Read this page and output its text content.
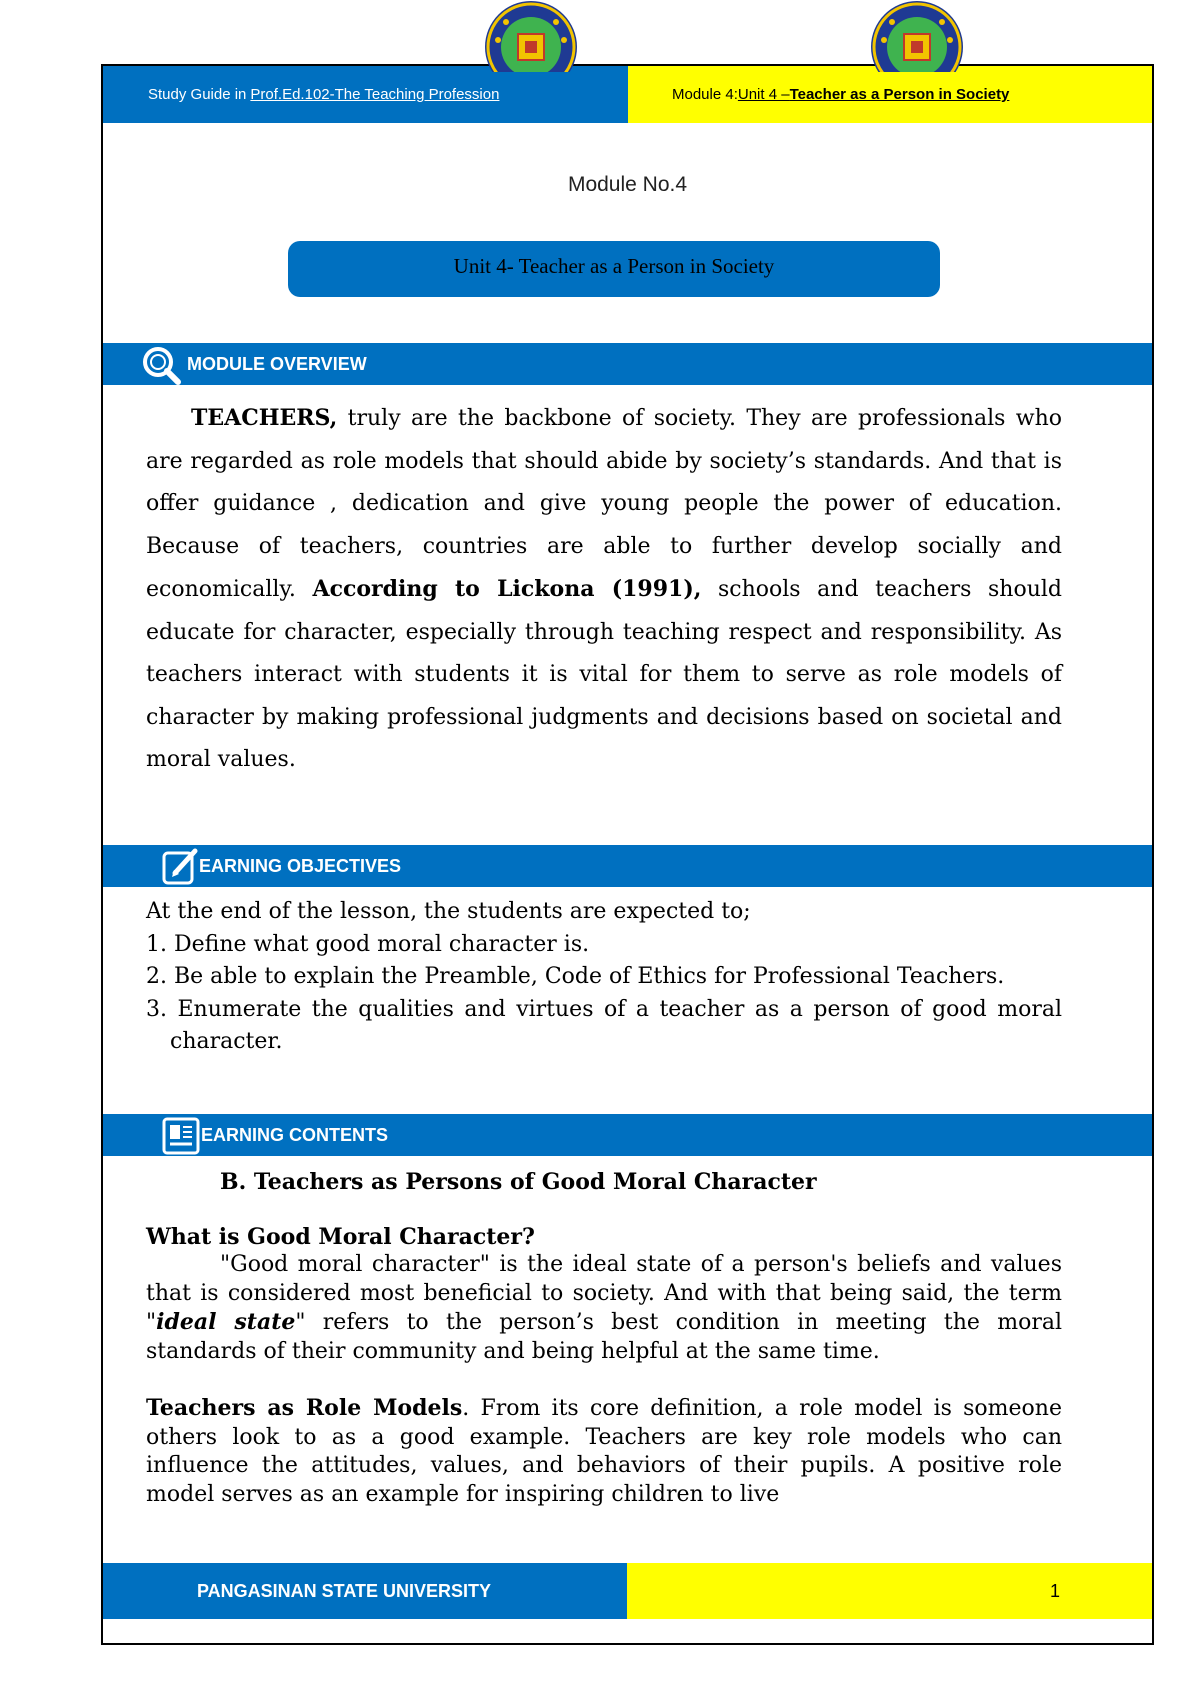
Study Guide in Prof.Ed.102-The Teaching Profession	Module 4: Unit 4 – Teacher as a Person in Society
Module No.4
Unit 4- Teacher as a Person in Society
MODULE OVERVIEW

TEACHERS, truly are the backbone of society. They are professionals who are regarded as role models that should abide by society’s standards. And that is offer guidance , dedication and give young people the power of education. Because of teachers, countries are able to further develop socially and economically. According to Lickona (1991), schools and teachers should educate for character, especially through teaching respect and responsibility. As teachers interact with students it is vital for them to serve as role models of character by making professional judgments and decisions based on societal and moral values.

EARNING OBJECTIVES
At the end of the lesson, the students are expected to;
1. Define what good moral character is.
2. Be able to explain the Preamble, Code of Ethics for Professional Teachers.
3. Enumerate the qualities and virtues of a teacher as a person of good moral character.
EARNING CONTENTS
B. Teachers as Persons of Good Moral Character
What is Good Moral Character?

"Good moral character" is the ideal state of a person's beliefs and values that is considered most beneficial to society. And with that being said, the term "ideal state" refers to the person’s best condition in meeting the moral standards of their community and being helpful at the same time.

Teachers as Role Models. From its core definition, a role model is someone others look to as a good example. Teachers are key role models who can influence the attitudes, values, and behaviors of their pupils. A positive role model serves as an example for inspiring children to live

PANGASINAN STATE UNIVERSITY	1
